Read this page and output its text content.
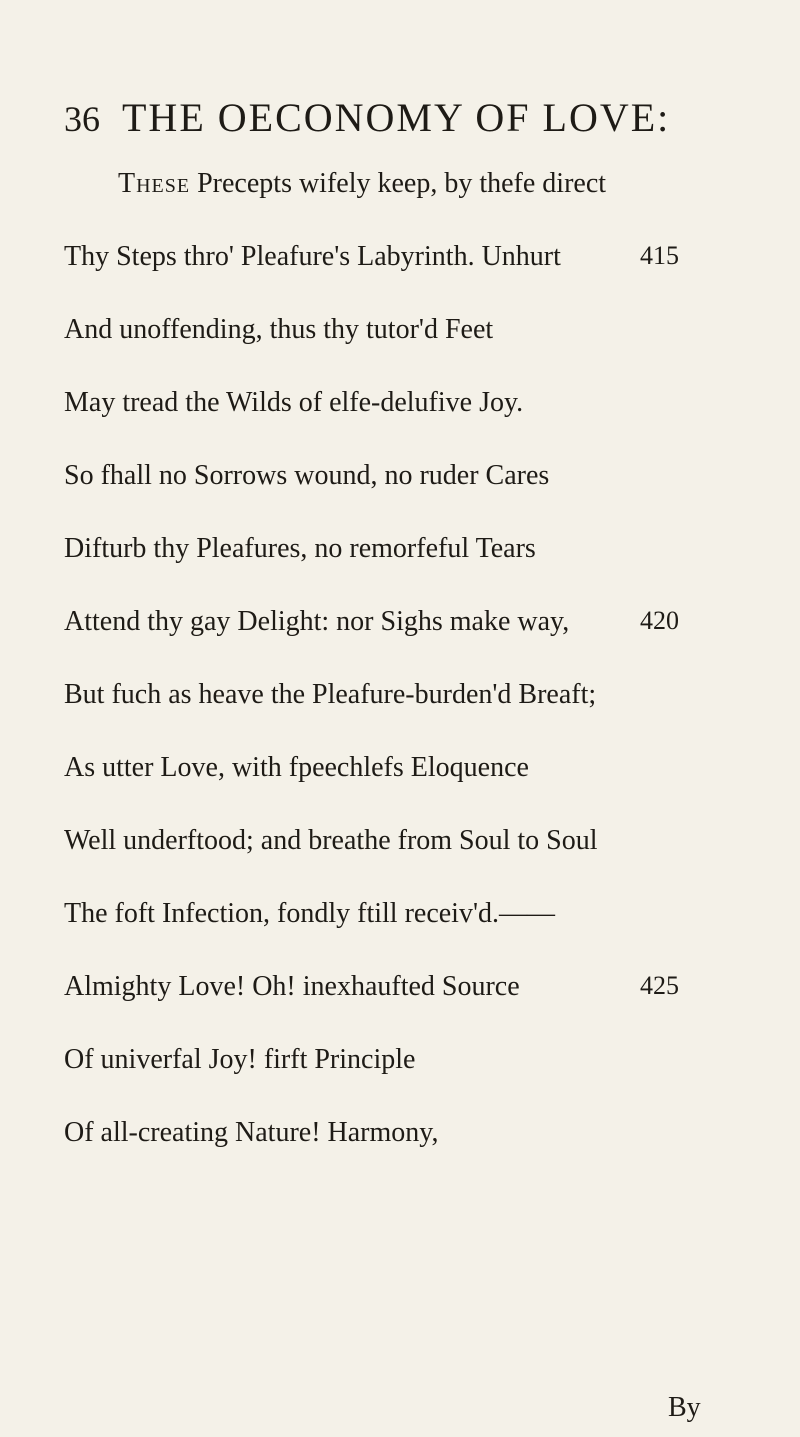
36 THE OECONOMY OF LOVE:
These Precepts wifely keep, by thefe direct
Thy Steps thro' Pleafure's Labyrinth. Unhurt	415
And unoffending, thus thy tutor'd Feet
May tread the Wilds of elfe-delufive Joy.
So fhall no Sorrows wound, no ruder Cares
Difturb thy Pleafures, no remorfeful Tears
Attend thy gay Delight: nor Sighs make way,	420
But fuch as heave the Pleafure-burden'd Breaft;
As utter Love, with fpeechlefs Eloquence
Well underftood; and breathe from Soul to Soul
The foft Infection, fondly ftill receiv'd.——
Almighty Love! Oh! inexhaufted Source	425
Of univerfal Joy! firft Principle
Of all-creating Nature! Harmony,
By
